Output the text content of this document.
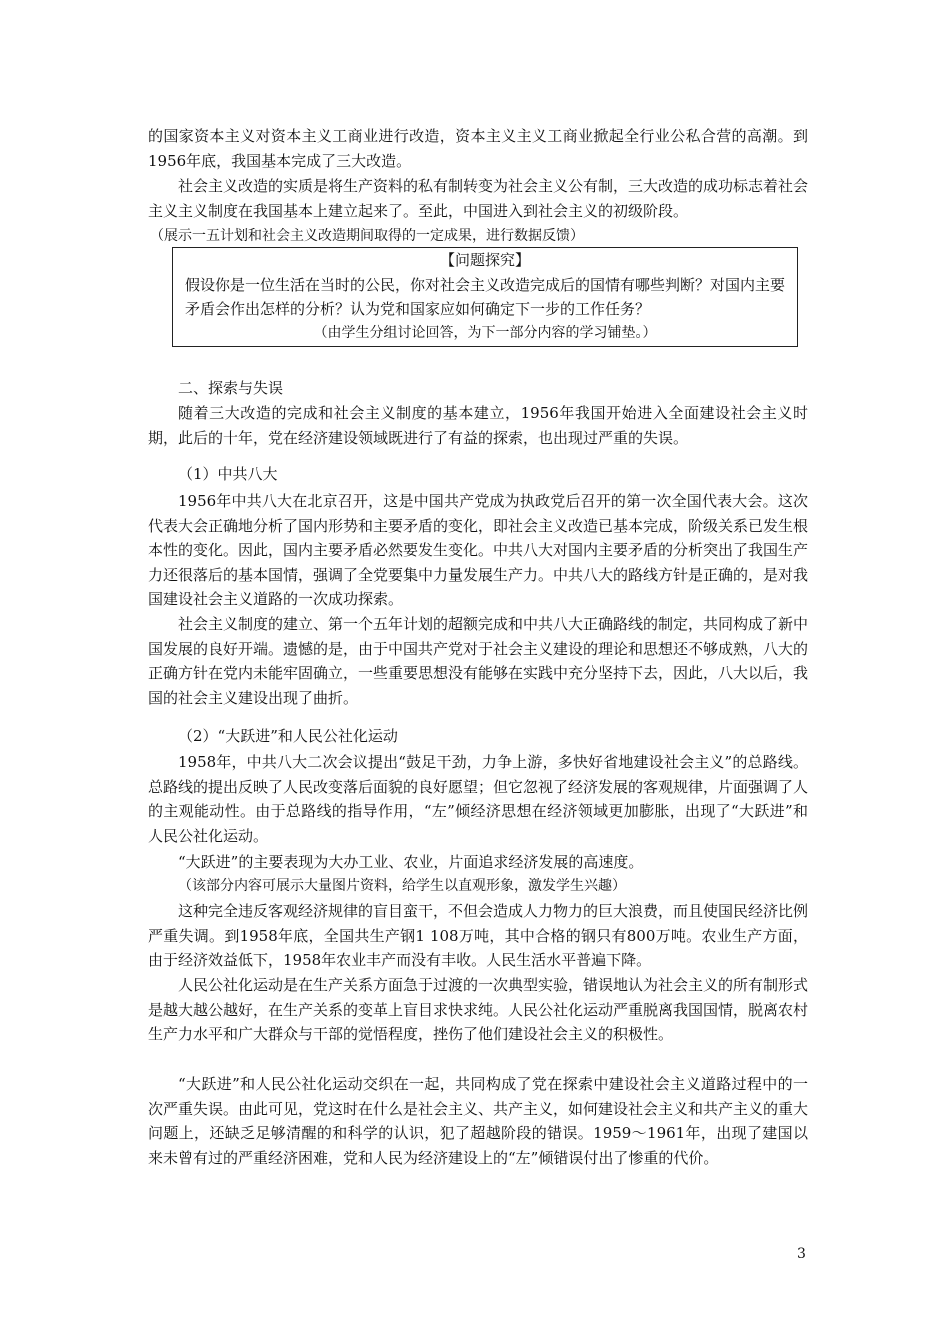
的国家资本主义对资本主义工商业进行改造，资本主义主义工商业掀起全行业公私合营的高潮。到1956年底，我国基本完成了三大改造。

社会主义改造的实质是将生产资料的私有制转变为社会主义公有制，三大改造的成功标志着社会主义主义制度在我国基本上建立起来了。至此，中国进入到社会主义的初级阶段。

（展示一五计划和社会主义改造期间取得的一定成果，进行数据反馈）

【问题探究】

假设你是一位生活在当时的公民，你对社会主义改造完成后的国情有哪些判断？对国内主要矛盾会作出怎样的分析？认为党和国家应如何确定下一步的工作任务？

（由学生分组讨论回答，为下一部分内容的学习铺垫。）

二、探索与失误

随着三大改造的完成和社会主义制度的基本建立，1956年我国开始进入全面建设社会主义时期，此后的十年，党在经济建设领域既进行了有益的探索，也出现过严重的失误。

（1）中共八大

1956年中共八大在北京召开，这是中国共产党成为执政党后召开的第一次全国代表大会。这次代表大会正确地分析了国内形势和主要矛盾的变化，即社会主义改造已基本完成，阶级关系已发生根本性的变化。因此，国内主要矛盾必然要发生变化。中共八大对国内主要矛盾的分析突出了我国生产力还很落后的基本国情，强调了全党要集中力量发展生产力。中共八大的路线方针是正确的，是对我国建设社会主义道路的一次成功探索。

社会主义制度的建立、第一个五年计划的超额完成和中共八大正确路线的制定，共同构成了新中国发展的良好开端。遗憾的是，由于中国共产党对于社会主义建设的理论和思想还不够成熟，八大的正确方针在党内未能牢固确立，一些重要思想没有能够在实践中充分坚持下去，因此，八大以后，我国的社会主义建设出现了曲折。

（2）“大跃进”和人民公社化运动

1958年，中共八大二次会议提出“鼓足干劲，力争上游，多快好省地建设社会主义”的总路线。总路线的提出反映了人民改变落后面貌的良好愿望；但它忽视了经济发展的客观规律，片面强调了人的主观能动性。由于总路线的指导作用，“左”倾经济思想在经济领域更加膨胀，出现了“大跃进”和人民公社化运动。

“大跃进”的主要表现为大办工业、农业，片面追求经济发展的高速度。

（该部分内容可展示大量图片资料，给学生以直观形象，激发学生兴趣）

这种完全违反客观经济规律的盲目蛮干，不但会造成人力物力的巨大浪费，而且使国民经济比例严重失调。到1958年底，全国共生产钢1 108万吨，其中合格的钢只有800万吨。农业生产方面，由于经济效益低下，1958年农业丰产而没有丰收。人民生活水平普遍下降。

人民公社化运动是在生产关系方面急于过渡的一次典型实验，错误地认为社会主义的所有制形式是越大越公越好，在生产关系的变革上盲目求快求纯。人民公社化运动严重脱离我国国情，脱离农村生产力水平和广大群众与干部的觉悟程度，挫伤了他们建设社会主义的积极性。

“大跃进”和人民公社化运动交织在一起，共同构成了党在探索中建设社会主义道路过程中的一次严重失误。由此可见，党这时在什么是社会主义、共产主义，如何建设社会主义和共产主义的重大问题上，还缺乏足够清醒的和科学的认识，犯了超越阶段的错误。1959～1961年，出现了建国以来未曾有过的严重经济困难，党和人民为经济建设上的“左”倾错误付出了惨重的代价。

3
